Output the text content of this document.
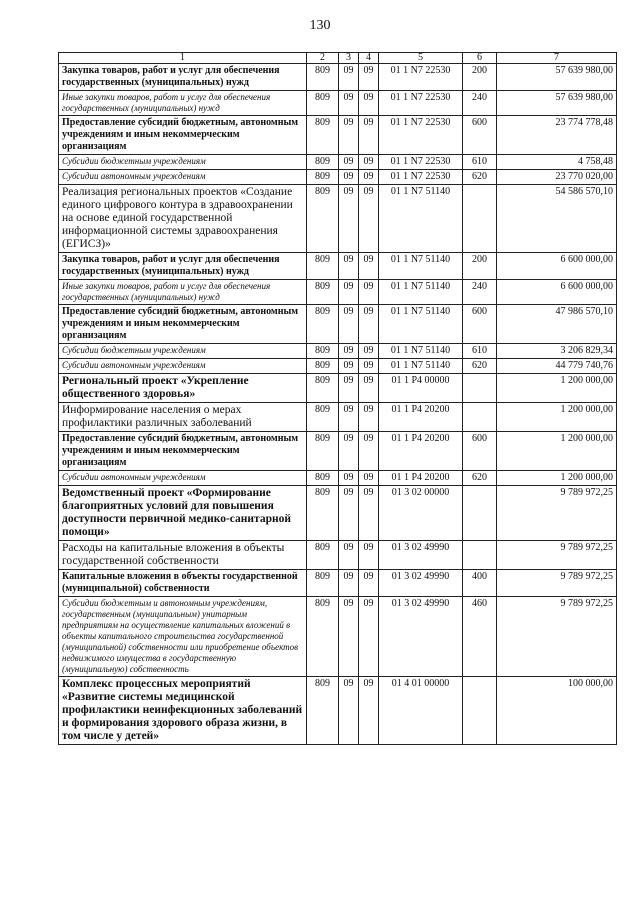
130
1	2	3	4	5	6	7
Закупка товаров, работ и услуг для обеспечения государственных (муниципальных) нужд	809	09	09	01 1 N7 22530	200	57 639 980,00
Иные закупки товаров, работ и услуг для обеспечения государственных (муниципальных) нужд	809	09	09	01 1 N7 22530	240	57 639 980,00
Предоставление субсидий бюджетным, автономным учреждениям и иным некоммерческим организациям	809	09	09	01 1 N7 22530	600	23 774 778,48
Субсидии бюджетным учреждениям	809	09	09	01 1 N7 22530	610	4 758,48
Субсидии автономным учреждениям	809	09	09	01 1 N7 22530	620	23 770 020,00
Реализация региональных проектов «Создание единого цифрового контура в здравоохранении на основе единой государственной информационной системы здравоохранения (ЕГИСЗ)»	809	09	09	01 1 N7 51140		54 586 570,10
Закупка товаров, работ и услуг для обеспечения государственных (муниципальных) нужд	809	09	09	01 1 N7 51140	200	6 600 000,00
Иные закупки товаров, работ и услуг для обеспечения государственных (муниципальных) нужд	809	09	09	01 1 N7 51140	240	6 600 000,00
Предоставление субсидий бюджетным, автономным учреждениям и иным некоммерческим организациям	809	09	09	01 1 N7 51140	600	47 986 570,10
Субсидии бюджетным учреждениям	809	09	09	01 1 N7 51140	610	3 206 829,34
Субсидии автономным учреждениям	809	09	09	01 1 N7 51140	620	44 779 740,76
Региональный проект «Укрепление общественного здоровья»	809	09	09	01 1 P4 00000		1 200 000,00
Информирование населения о мерах профилактики различных заболеваний	809	09	09	01 1 P4 20200		1 200 000,00
Предоставление субсидий бюджетным, автономным учреждениям и иным некоммерческим организациям	809	09	09	01 1 P4 20200	600	1 200 000,00
Субсидии автономным учреждениям	809	09	09	01 1 P4 20200	620	1 200 000,00
Ведомственный проект «Формирование благоприятных условий для повышения доступности первичной медико-санитарной помощи»	809	09	09	01 3 02 00000		9 789 972,25
Расходы на капитальные вложения в объекты государственной собственности	809	09	09	01 3 02 49990		9 789 972,25
Капитальные вложения в объекты государственной (муниципальной) собственности	809	09	09	01 3 02 49990	400	9 789 972,25
Субсидии бюджетным и автономным учреждениям, государственным (муниципальным) унитарным предприятиям на осуществление капитальных вложений в объекты капитального строительства государственной (муниципальной) собственности или приобретение объектов недвижимого имущества в государственную (муниципальную) собственность	809	09	09	01 3 02 49990	460	9 789 972,25
Комплекс процессных мероприятий «Развитие системы медицинской профилактики неинфекционных заболеваний и формирования здорового образа жизни, в том числе у детей»	809	09	09	01 4 01 00000		100 000,00
